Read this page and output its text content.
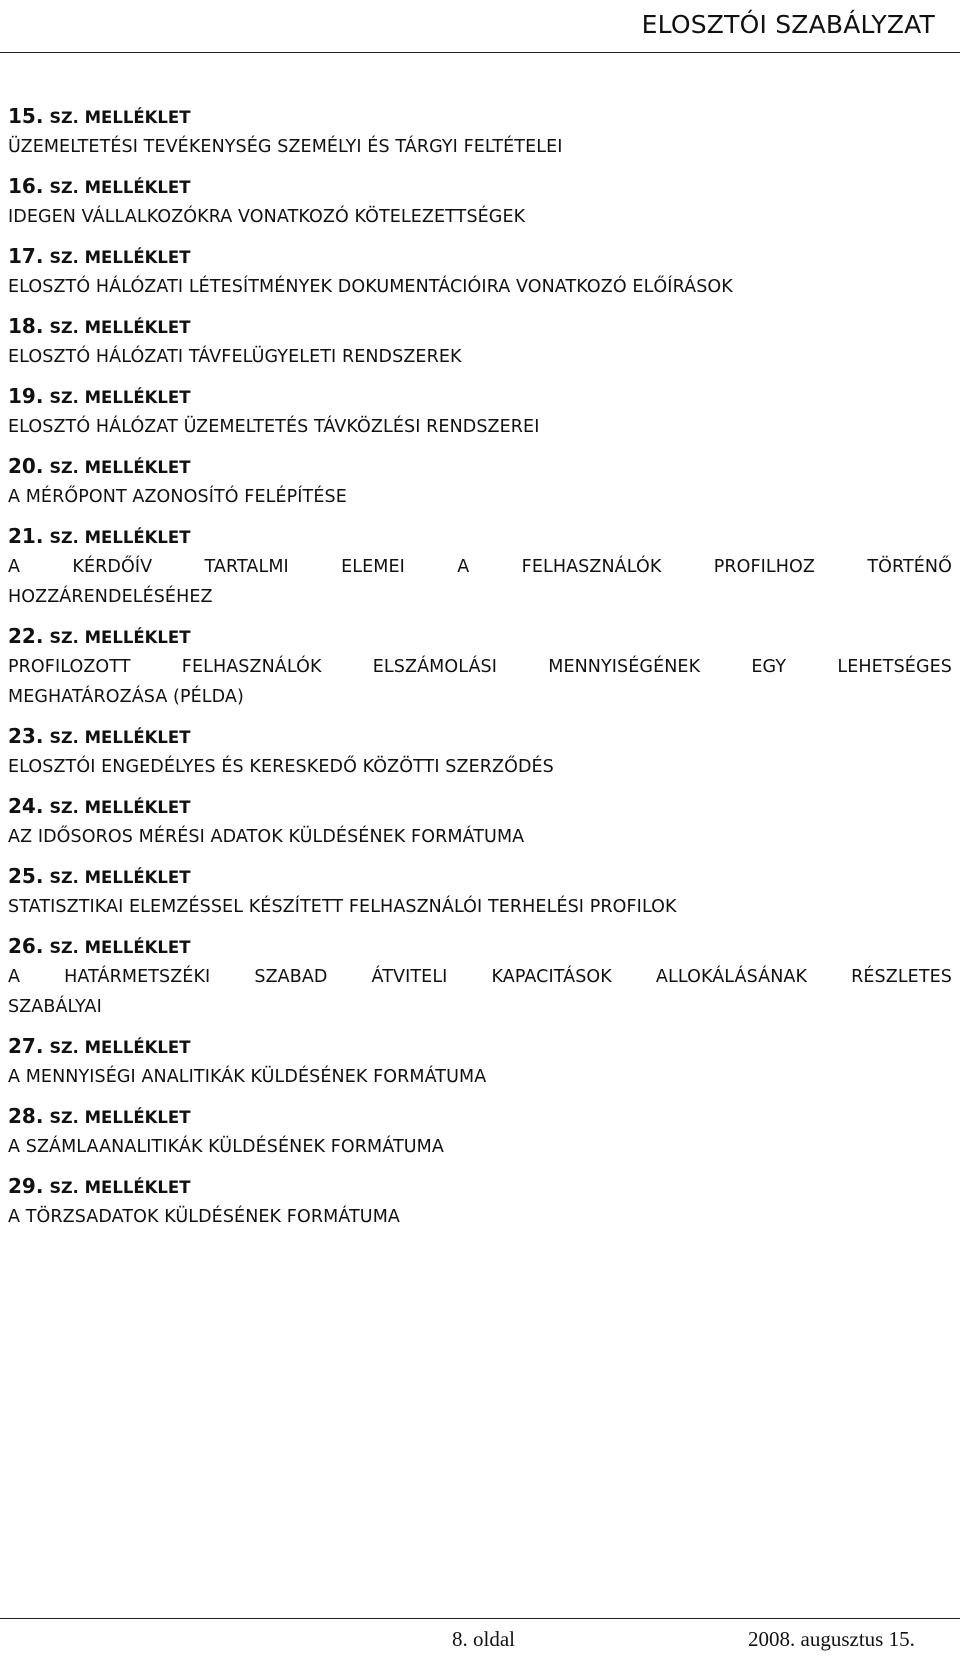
ELOSZTÓI SZABÁLYZAT
15. SZ. MELLÉKLET
ÜZEMELTETÉSI TEVÉKENYSÉG SZEMÉLYI ÉS TÁRGYI FELTÉTELEI
16. SZ. MELLÉKLET
IDEGEN VÁLLALKOZÓKRA VONATKOZÓ KÖTELEZETTSÉGEK
17. SZ. MELLÉKLET
ELOSZTÓ HÁLÓZATI LÉTESÍTMÉNYEK DOKUMENTÁCIÓIRA VONATKOZÓ ELŐÍRÁSOK
18. SZ. MELLÉKLET
ELOSZTÓ HÁLÓZATI TÁVFELÜGYELETI RENDSZEREK
19. SZ. MELLÉKLET
ELOSZTÓ HÁLÓZAT ÜZEMELTETÉS TÁVKÖZLÉSI RENDSZEREI
20. SZ. MELLÉKLET
A MÉRŐPONT AZONOSÍTÓ FELÉPÍTÉSE
21. SZ. MELLÉKLET
A KÉRDŐÍV TARTALMI ELEMEI A FELHASZNÁLÓK PROFILHOZ TÖRTÉNŐ
HOZZÁRENDELÉSÉHEZ
22. SZ. MELLÉKLET
PROFILOZOTT FELHASZNÁLÓK ELSZÁMOLÁSI MENNYISÉGÉNEK EGY LEHETSÉGES
MEGHATÁROZÁSA (PÉLDA)
23. SZ. MELLÉKLET
ELOSZTÓI ENGEDÉLYES ÉS KERESKEDŐ KÖZÖTTI SZERZŐDÉS
24. SZ. MELLÉKLET
AZ IDŐSOROS MÉRÉSI ADATOK KÜLDÉSÉNEK FORMÁTUMA
25. SZ. MELLÉKLET
STATISZTIKAI ELEMZÉSSEL KÉSZÍTETT FELHASZNÁLÓI TERHELÉSI PROFILOK
26. SZ. MELLÉKLET
A HATÁRMETSZÉKI SZABAD ÁTVITELI KAPACITÁSOK ALLOKÁLÁSÁNAK RÉSZLETES
SZABÁLYAI
27. SZ. MELLÉKLET
A MENNYISÉGI ANALITIKÁK KÜLDÉSÉNEK FORMÁTUMA
28. SZ. MELLÉKLET
A SZÁMLAANALITIKÁK KÜLDÉSÉNEK FORMÁTUMA
29. SZ. MELLÉKLET
A TÖRZSADATOK KÜLDÉSÉNEK FORMÁTUMA
8. oldal	2008. augusztus 15.
